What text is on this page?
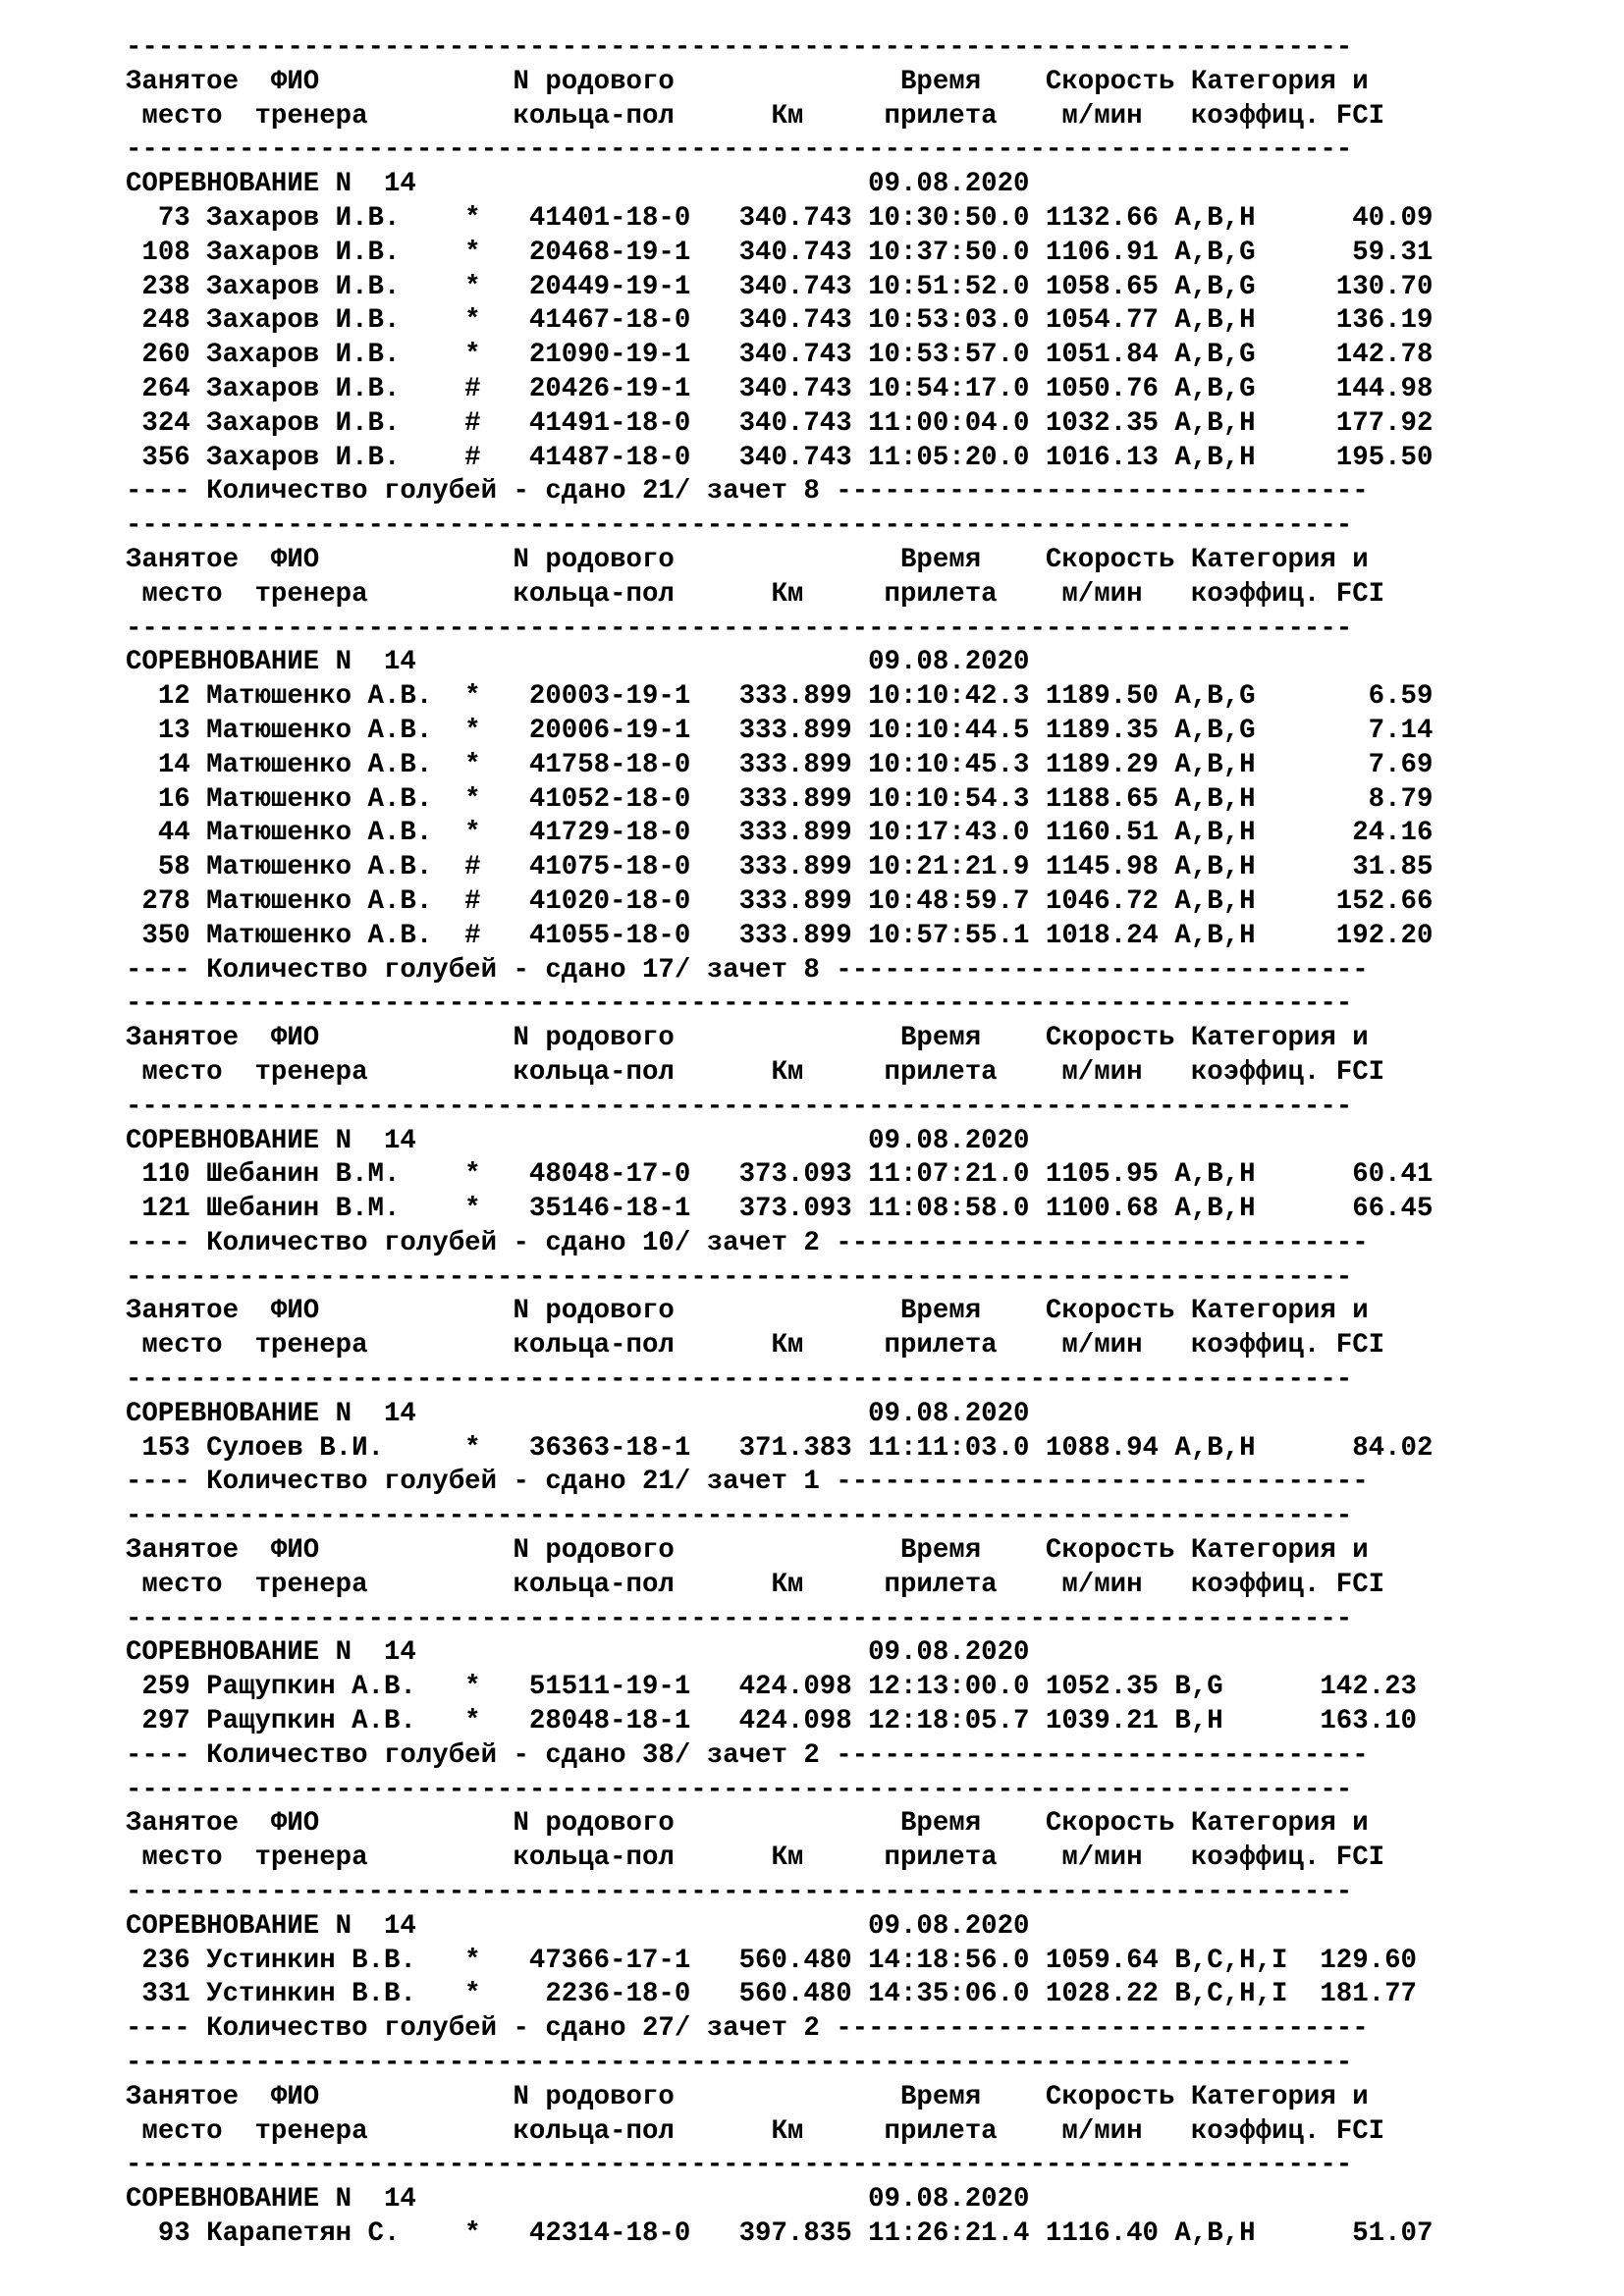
----------------------------------------------------------------------------
Занятое  ФИО            N родового              Время    Скорость Категория и
место  тренера         кольца-пол      Км     прилета    м/мин   коэффиц. FCI
----------------------------------------------------------------------------
СОРЕВНОВАНИЕ N  14                            09.08.2020
73 Захаров И.В.    *   41401-18-0   340.743 10:30:50.0 1132.66 A,B,H      40.09
108 Захаров И.В.    *   20468-19-1   340.743 10:37:50.0 1106.91 A,B,G      59.31
238 Захаров И.В.    *   20449-19-1   340.743 10:51:52.0 1058.65 A,B,G     130.70
248 Захаров И.В.    *   41467-18-0   340.743 10:53:03.0 1054.77 A,B,H     136.19
260 Захаров И.В.    *   21090-19-1   340.743 10:53:57.0 1051.84 A,B,G     142.78
264 Захаров И.В.    #   20426-19-1   340.743 10:54:17.0 1050.76 A,B,G     144.98
324 Захаров И.В.    #   41491-18-0   340.743 11:00:04.0 1032.35 A,B,H     177.92
356 Захаров И.В.    #   41487-18-0   340.743 11:05:20.0 1016.13 A,B,H     195.50
---- Количество голубей - сдано 21/ зачет 8 ---------------------------------
----------------------------------------------------------------------------
Занятое  ФИО            N родового              Время    Скорость Категория и
место  тренера         кольца-пол      Км     прилета    м/мин   коэффиц. FCI
----------------------------------------------------------------------------
СОРЕВНОВАНИЕ N  14                            09.08.2020
12 Матюшенко А.В.  *   20003-19-1   333.899 10:10:42.3 1189.50 A,B,G       6.59
13 Матюшенко А.В.  *   20006-19-1   333.899 10:10:44.5 1189.35 A,B,G       7.14
14 Матюшенко А.В.  *   41758-18-0   333.899 10:10:45.3 1189.29 A,B,H       7.69
16 Матюшенко А.В.  *   41052-18-0   333.899 10:10:54.3 1188.65 A,B,H       8.79
44 Матюшенко А.В.  *   41729-18-0   333.899 10:17:43.0 1160.51 A,B,H      24.16
58 Матюшенко А.В.  #   41075-18-0   333.899 10:21:21.9 1145.98 A,B,H      31.85
278 Матюшенко А.В.  #   41020-18-0   333.899 10:48:59.7 1046.72 A,B,H     152.66
350 Матюшенко А.В.  #   41055-18-0   333.899 10:57:55.1 1018.24 A,B,H     192.20
---- Количество голубей - сдано 17/ зачет 8 ---------------------------------
----------------------------------------------------------------------------
Занятое  ФИО            N родового              Время    Скорость Категория и
место  тренера         кольца-пол      Км     прилета    м/мин   коэффиц. FCI
----------------------------------------------------------------------------
СОРЕВНОВАНИЕ N  14                            09.08.2020
110 Шебанин В.М.    *   48048-17-0   373.093 11:07:21.0 1105.95 A,B,H      60.41
121 Шебанин В.М.    *   35146-18-1   373.093 11:08:58.0 1100.68 A,B,H      66.45
---- Количество голубей - сдано 10/ зачет 2 ---------------------------------
----------------------------------------------------------------------------
Занятое  ФИО            N родового              Время    Скорость Категория и
место  тренера         кольца-пол      Км     прилета    м/мин   коэффиц. FCI
----------------------------------------------------------------------------
СОРЕВНОВАНИЕ N  14                            09.08.2020
153 Сулоев В.И.     *   36363-18-1   371.383 11:11:03.0 1088.94 A,B,H      84.02
---- Количество голубей - сдано 21/ зачет 1 ---------------------------------
----------------------------------------------------------------------------
Занятое  ФИО            N родового              Время    Скорость Категория и
место  тренера         кольца-пол      Км     прилета    м/мин   коэффиц. FCI
----------------------------------------------------------------------------
СОРЕВНОВАНИЕ N  14                            09.08.2020
259 Ращупкин А.В.   *   51511-19-1   424.098 12:13:00.0 1052.35 B,G      142.23
297 Ращупкин А.В.   *   28048-18-1   424.098 12:18:05.7 1039.21 B,H      163.10
---- Количество голубей - сдано 38/ зачет 2 ---------------------------------
----------------------------------------------------------------------------
Занятое  ФИО            N родового              Время    Скорость Категория и
место  тренера         кольца-пол      Км     прилета    м/мин   коэффиц. FCI
----------------------------------------------------------------------------
СОРЕВНОВАНИЕ N  14                            09.08.2020
236 Устинкин В.В.   *   47366-17-1   560.480 14:18:56.0 1059.64 B,C,H,I  129.60
331 Устинкин В.В.   *    2236-18-0   560.480 14:35:06.0 1028.22 B,C,H,I  181.77
---- Количество голубей - сдано 27/ зачет 2 ---------------------------------
----------------------------------------------------------------------------
Занятое  ФИО            N родового              Время    Скорость Категория и
место  тренера         кольца-пол      Км     прилета    м/мин   коэффиц. FCI
----------------------------------------------------------------------------
СОРЕВНОВАНИЕ N  14                            09.08.2020
93 Карапетян С.    *   42314-18-0   397.835 11:26:21.4 1116.40 A,B,H      51.07
